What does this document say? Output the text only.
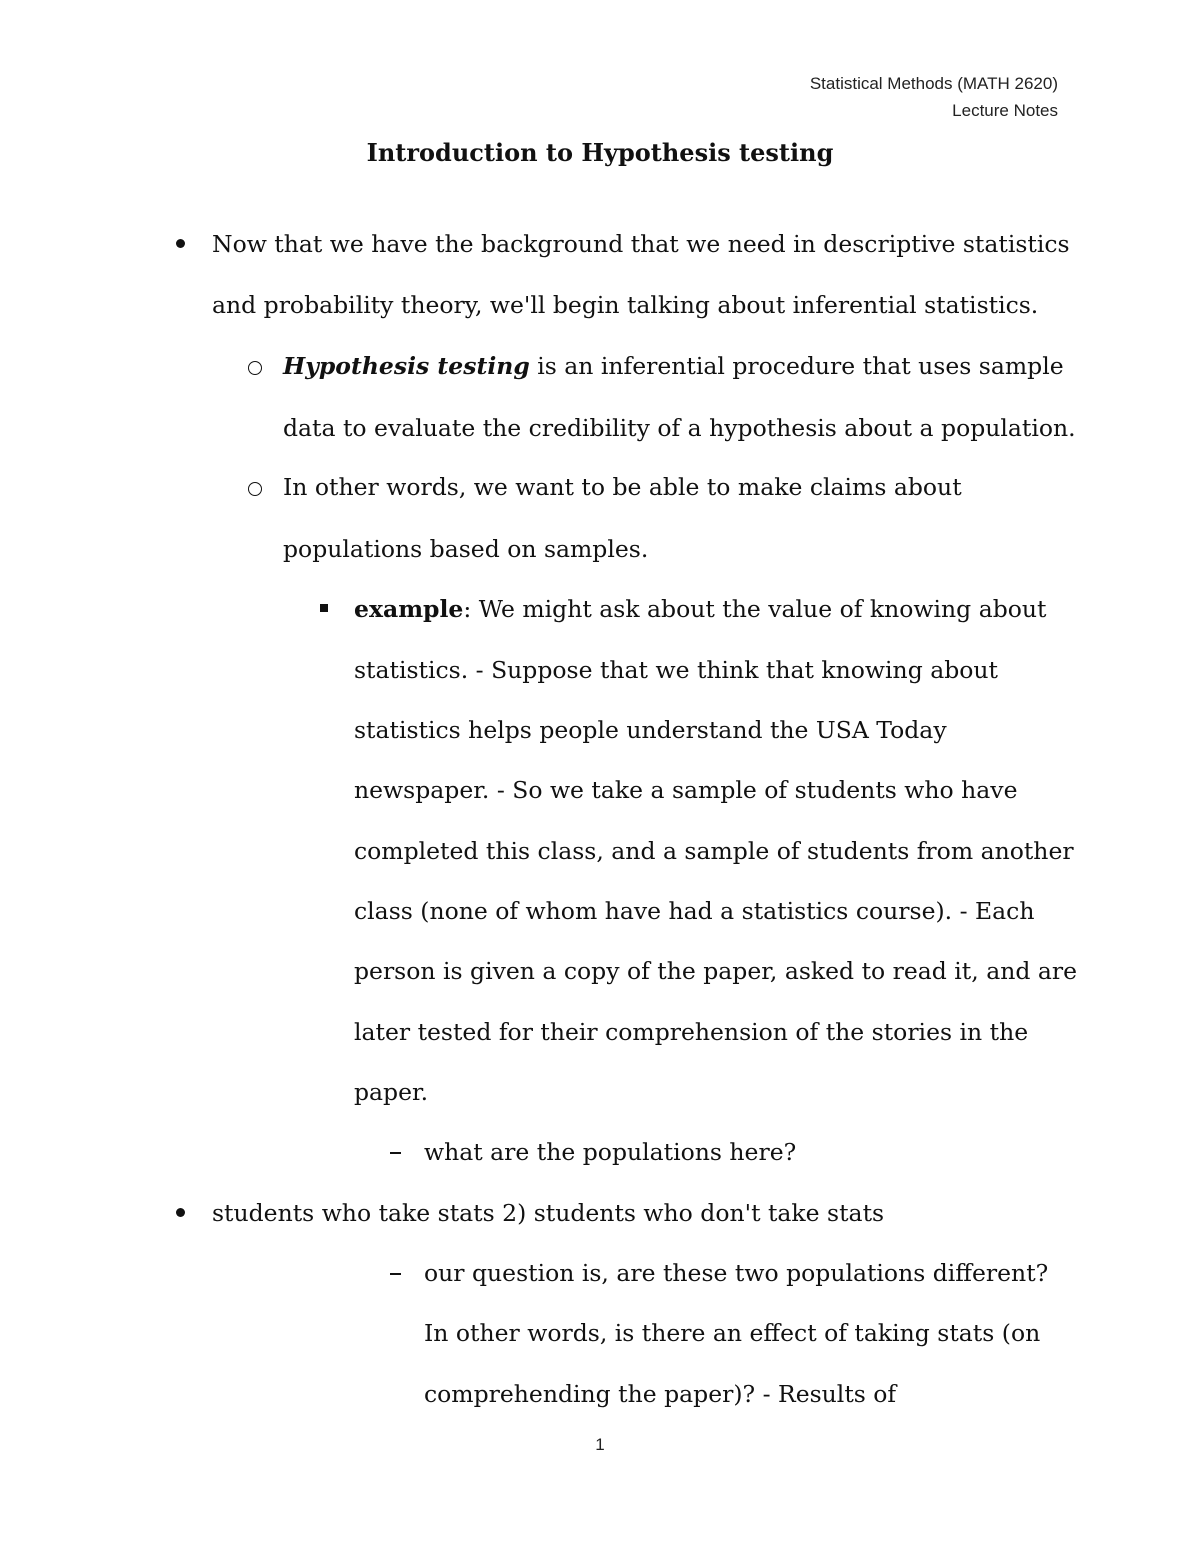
Statistical Methods (MATH 2620)
Lecture Notes
Introduction to Hypothesis testing
Now that we have the background that we need in descriptive statistics
and probability theory, we'll begin talking about inferential statistics.
Hypothesis testing is an inferential procedure that uses sample
data to evaluate the credibility of a hypothesis about a population.
In other words, we want to be able to make claims about
populations based on samples.
example: We might ask about the value of knowing about
statistics. - Suppose that we think that knowing about
statistics helps people understand the USA Today
newspaper. - So we take a sample of students who have
completed this class, and a sample of students from another
class (none of whom have had a statistics course). - Each
person is given a copy of the paper, asked to read it, and are
later tested for their comprehension of the stories in the
paper.
what are the populations here?
students who take stats 2) students who don't take stats
our question is, are these two populations different?
In other words, is there an effect of taking stats (on
comprehending the paper)? - Results of
1
